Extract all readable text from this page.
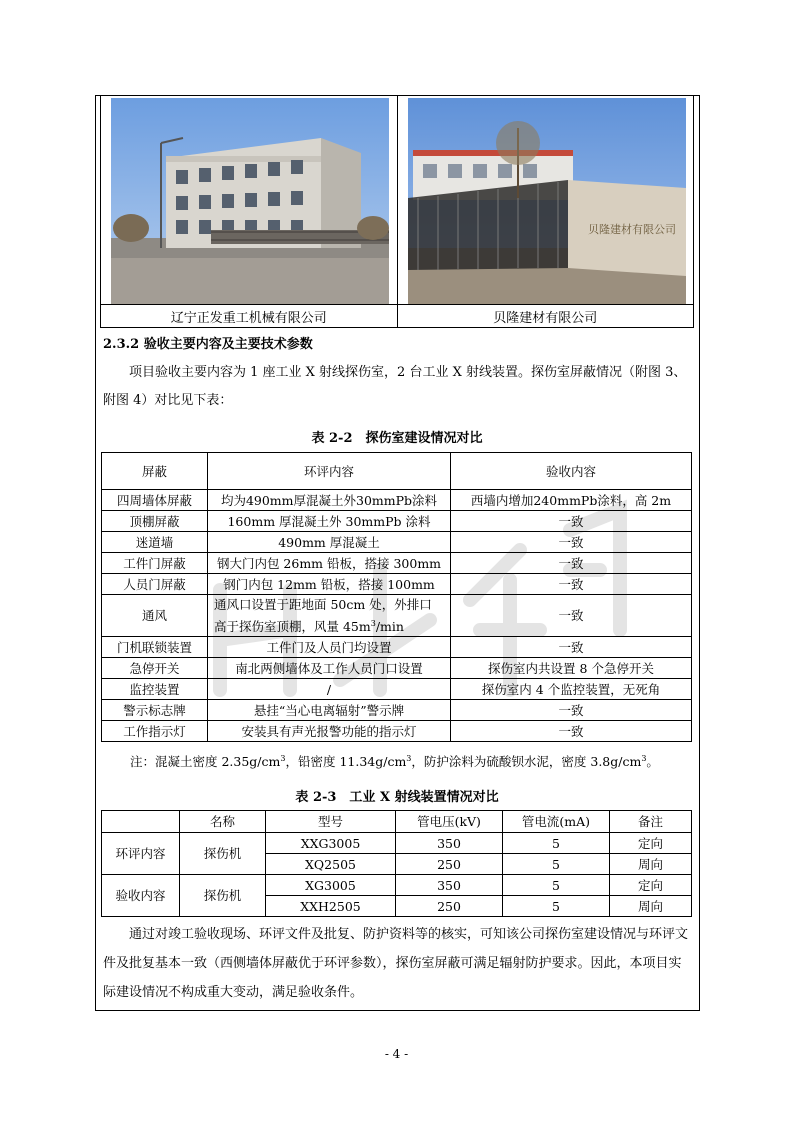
贝隆建材有限公司

辽宁正发重工机械有限公司	贝隆建材有限公司
2.3.2 验收主要内容及主要技术参数
项目验收主要内容为 1 座工业 X 射线探伤室，2 台工业 X 射线装置。探伤室屏蔽情况（附图 3、附图 4）对比见下表：
表 2-2　探伤室建设情况对比
屏蔽	环评内容	验收内容
四周墙体屏蔽	均为490mm厚混凝土外30mmPb涂料	西墙内增加240mmPb涂料，高 2m
顶棚屏蔽	160mm 厚混凝土外 30mmPb 涂料	一致
迷道墙	490mm 厚混凝土	一致
工件门屏蔽	钢大门内包 26mm 铅板，搭接 300mm	一致
人员门屏蔽	钢门内包 12mm 铅板，搭接 100mm	一致
通风	通风口设置于距地面 50cm 处，外排口
高于探伤室顶棚，风量 $45m^3/\min$	一致
门机联锁装置	工件门及人员门均设置	一致
急停开关	南北两侧墙体及工作人员门口设置	探伤室内共设置 8 个急停开关
监控装置	/	探伤室内 4 个监控装置，无死角
警示标志牌	悬挂“当心电离辐射”警示牌	一致
工作指示灯	安装具有声光报警功能的指示灯	一致
注：混凝土密度 $2.35g/cm^3$，铅密度 $11.34g/cm^3$，防护涂料为硫酸钡水泥，密度 $3.8g/cm^3$。
表 2-3　工业 X 射线装置情况对比
	名称	型号	管电压(kV)	管电流(mA)	备注
环评内容	探伤机	XXG3005	350	5	定向
		XQ2505	250	5	周向
验收内容	探伤机	XG3005	350	5	定向
		XXH2505	250	5	周向
通过对竣工验收现场、环评文件及批复、防护资料等的核实，可知该公司探伤室建设情况与环评文件及批复基本一致（西侧墙体屏蔽优于环评参数），探伤室屏蔽可满足辐射防护要求。因此，本项目实际建设情况不构成重大变动，满足验收条件。
- 4 -
